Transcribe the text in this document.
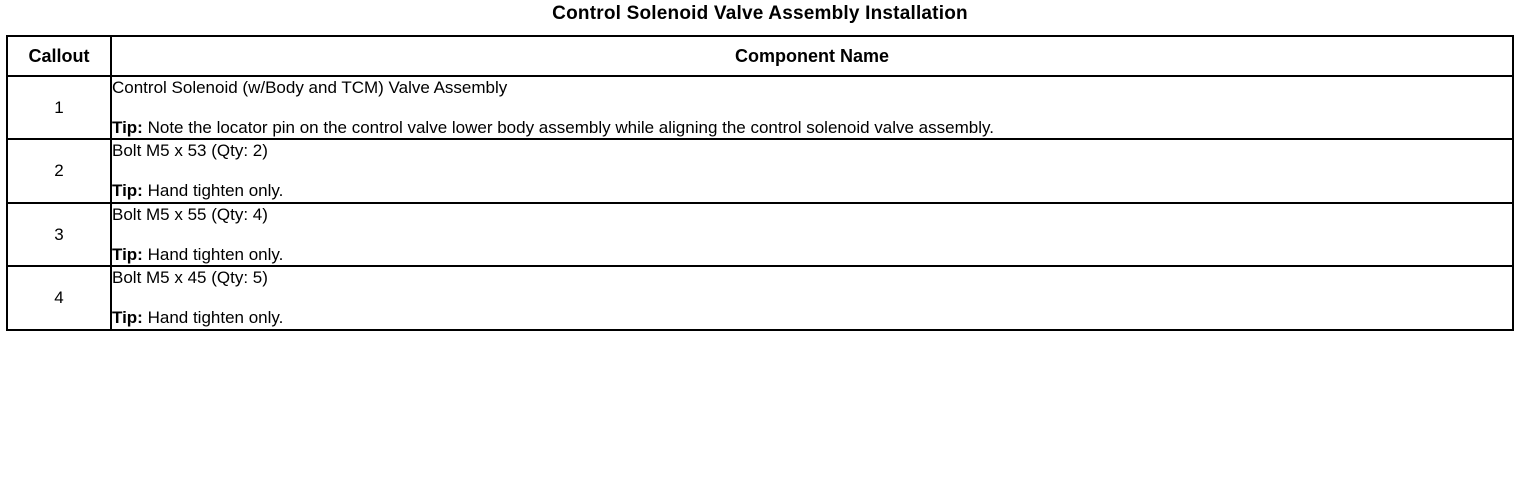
Control Solenoid Valve Assembly Installation
Callout	Component Name
1	Control Solenoid (w/Body and TCM) Valve Assembly
Tip: Note the locator pin on the control valve lower body assembly while aligning the control solenoid valve assembly.

2	Bolt M5 x 53 (Qty: 2)
Tip: Hand tighten only.

3	Bolt M5 x 55 (Qty: 4)
Tip: Hand tighten only.

4	Bolt M5 x 45 (Qty: 5)
Tip: Hand tighten only.
